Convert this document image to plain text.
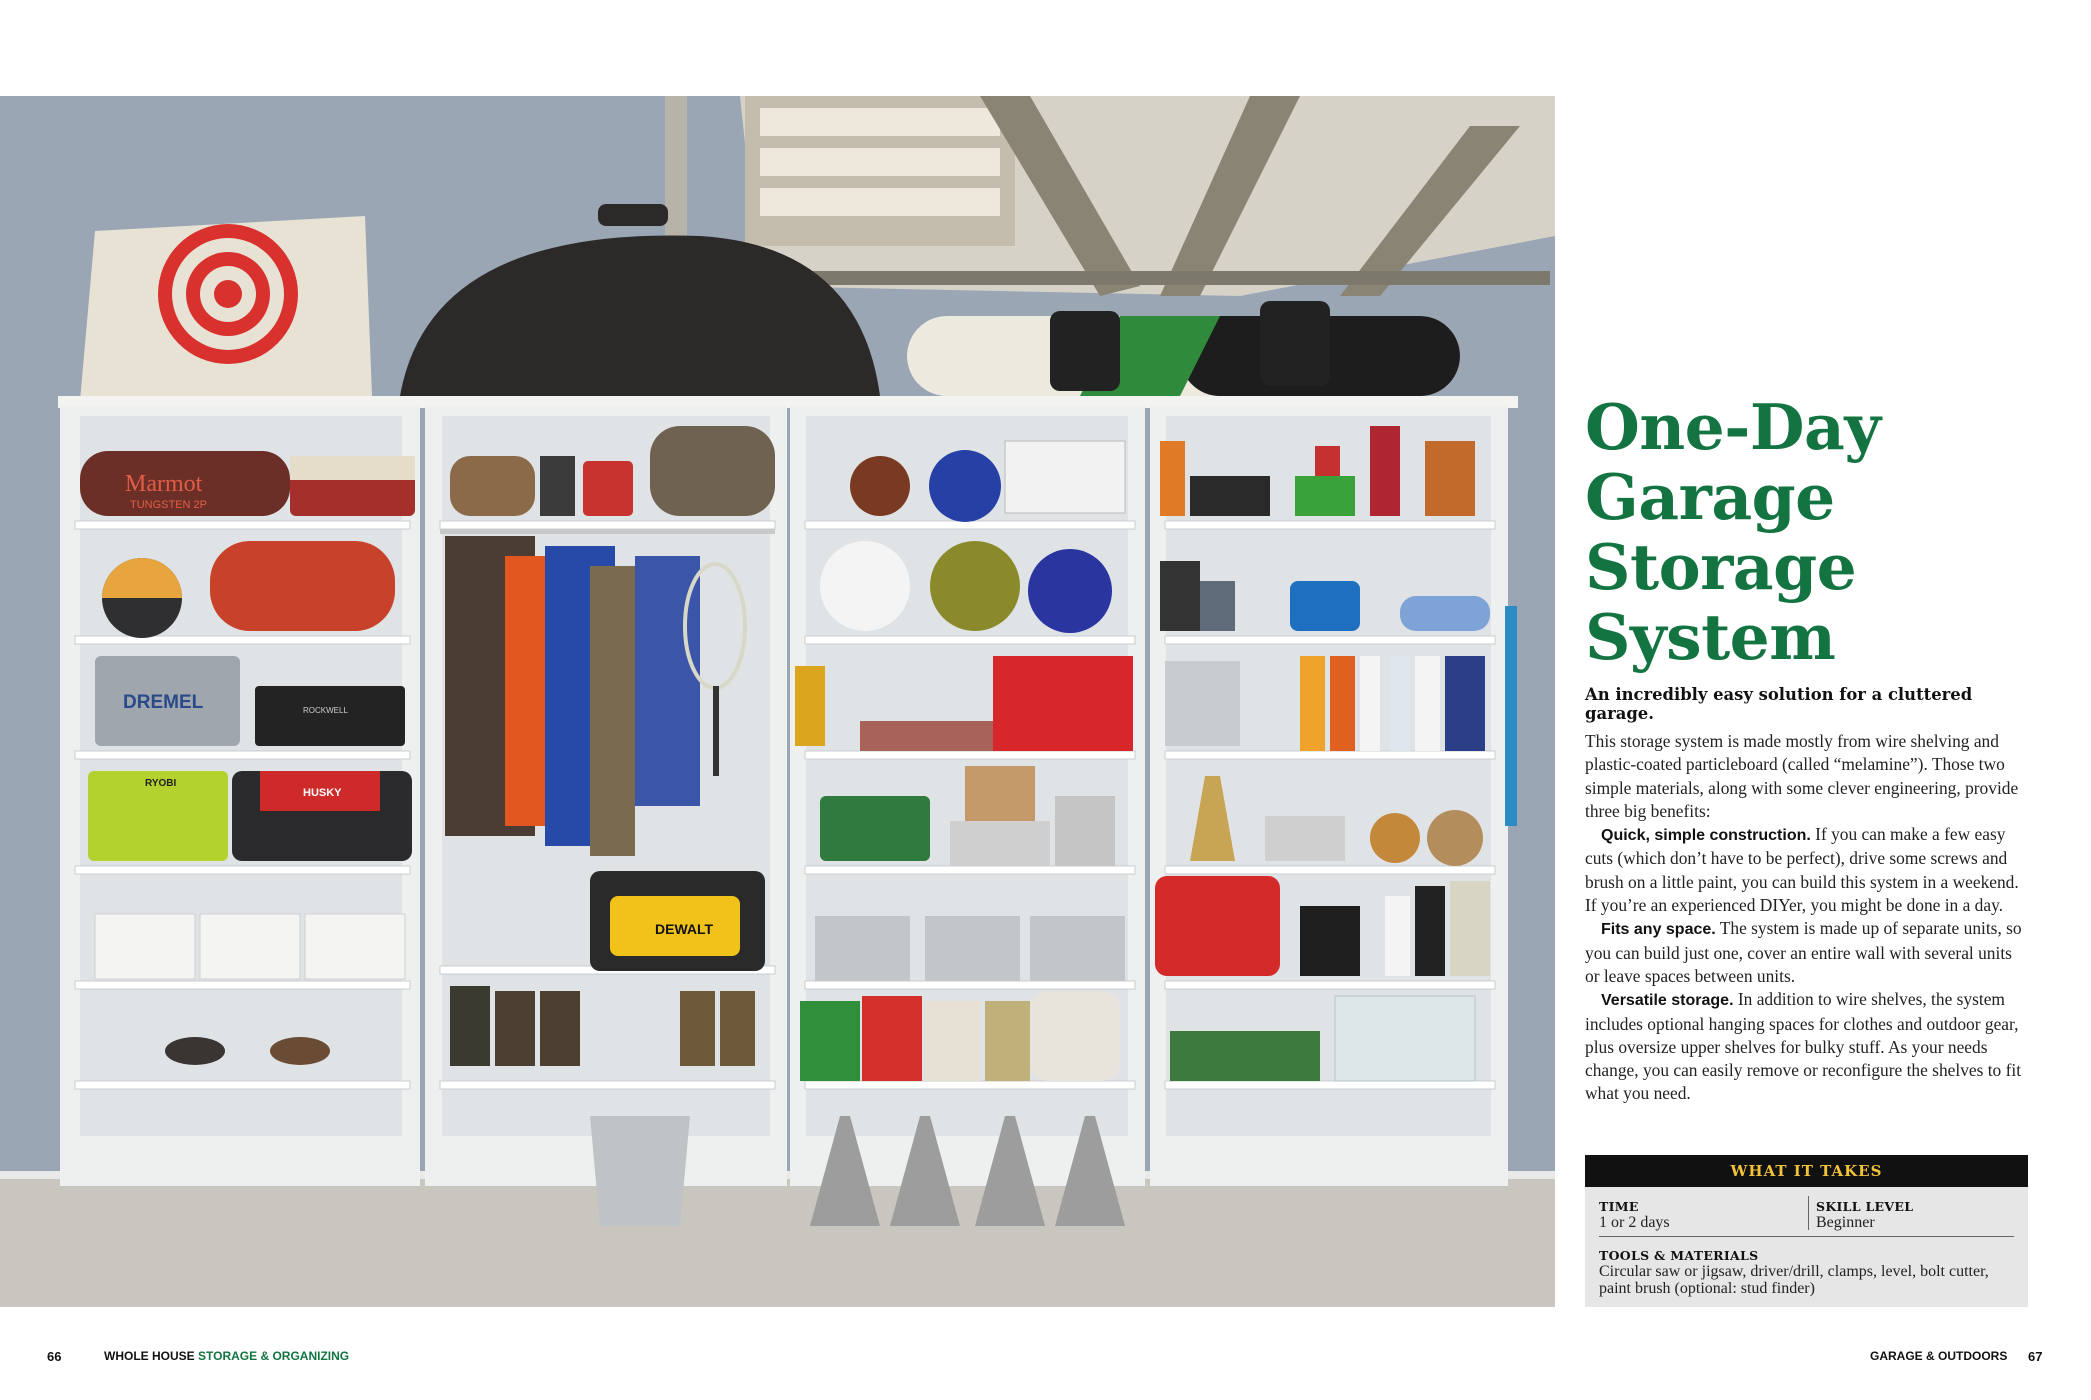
Marmot
TUNGSTEN 2P
DREMEL	ROCKWELL
RYOBI
HUSKY
DEWALT
One-Day
Garage
Storage
System

An incredibly easy solution for a cluttered garage.

This storage system is made mostly from wire shelving and plastic-coated particleboard (called “melamine”). Those two simple materials, along with some clever engineering, provide three big benefits:

Quick, simple construction. If you can make a few easy cuts (which don’t have to be perfect), drive some screws and brush on a little paint, you can build this system in a weekend. If you’re an experienced DIYer, you might be done in a day.

Fits any space. The system is made up of separate units, so you can build just one, cover an entire wall with several units or leave spaces between units.

Versatile storage. In addition to wire shelves, the system includes optional hanging spaces for clothes and outdoor gear, plus oversize upper shelves for bulky stuff. As your needs change, you can easily remove or reconfigure the shelves to fit what you need.

WHAT IT TAKES
TIME
1 or 2 days
SKILL LEVEL
Beginner
TOOLS & MATERIALS
Circular saw or jigsaw, driver/drill, clamps, level, bolt cutter, paint brush (optional: stud finder)
66	WHOLE HOUSE STORAGE & ORGANIZING	GARAGE & OUTDOORS 67
